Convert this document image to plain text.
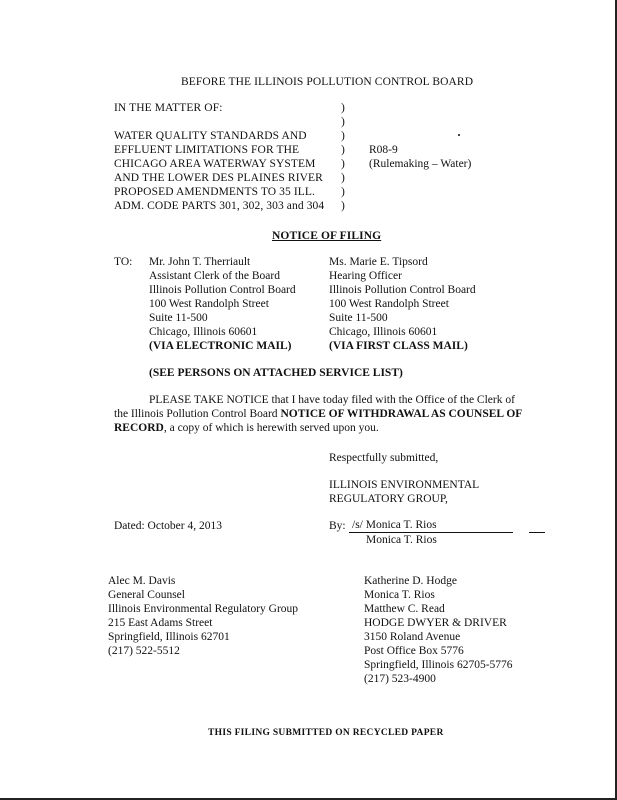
BEFORE THE ILLINOIS POLLUTION CONTROL BOARD
IN THE MATTER OF:
WATER QUALITY STANDARDS AND
EFFLUENT LIMITATIONS FOR THE
CHICAGO AREA WATERWAY SYSTEM
AND THE LOWER DES PLAINES RIVER
PROPOSED AMENDMENTS TO 35 ILL.
ADM. CODE PARTS 301, 302, 303 and 304
)
)
)
)
)
)
)
)
R08-9
(Rulemaking – Water)
NOTICE OF FILING
TO: Mr. John T. Therriault
Assistant Clerk of the Board
Illinois Pollution Control Board
100 West Randolph Street
Suite 11-500
Chicago, Illinois 60601
(VIA ELECTRONIC MAIL)
Ms. Marie E. Tipsord
Hearing Officer
Illinois Pollution Control Board
100 West Randolph Street
Suite 11-500
Chicago, Illinois 60601
(VIA FIRST CLASS MAIL)
(SEE PERSONS ON ATTACHED SERVICE LIST)
PLEASE TAKE NOTICE that I have today filed with the Office of the Clerk of
the Illinois Pollution Control Board NOTICE OF WITHDRAWAL AS COUNSEL OF
RECORD, a copy of which is herewith served upon you.
Respectfully submitted,
ILLINOIS ENVIRONMENTAL
REGULATORY GROUP,
Dated: October 4, 2013	By: /s/ Monica T. Rios
Monica T. Rios
Alec M. Davis
General Counsel
Illinois Environmental Regulatory Group
215 East Adams Street
Springfield, Illinois 62701
(217) 522-5512
Katherine D. Hodge
Monica T. Rios
Matthew C. Read
HODGE DWYER & DRIVER
3150 Roland Avenue
Post Office Box 5776
Springfield, Illinois 62705-5776
(217) 523-4900
THIS FILING SUBMITTED ON RECYCLED PAPER
